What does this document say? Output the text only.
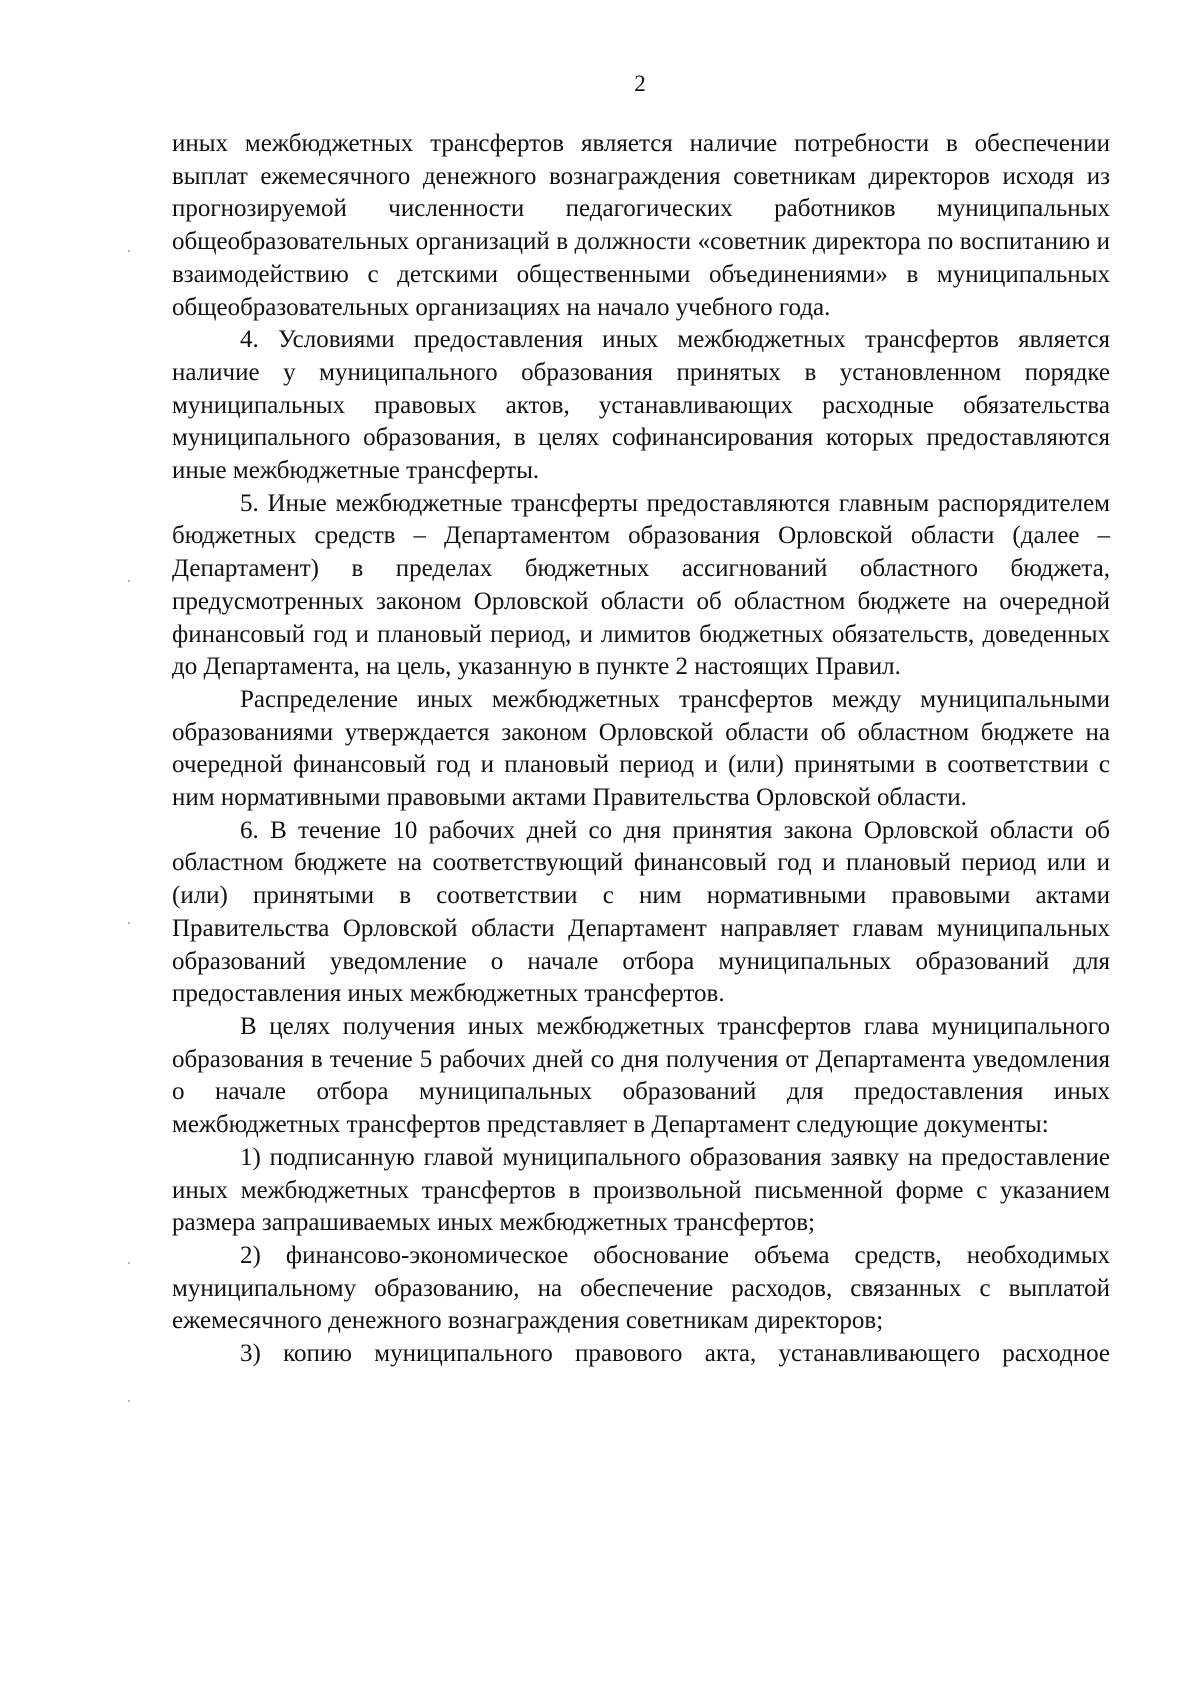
2

иных межбюджетных трансфертов является наличие потребности в обеспечении выплат ежемесячного денежного вознаграждения советникам директоров исходя из прогнозируемой численности педагогических работников муниципальных общеобразовательных организаций в должности «советник директора по воспитанию и взаимодействию с детскими общественными объединениями» в муниципальных общеобразовательных организациях на начало учебного года.

4. Условиями предоставления иных межбюджетных трансфертов является наличие у муниципального образования принятых в установленном порядке муниципальных правовых актов, устанавливающих расходные обязательства муниципального образования, в целях софинансирования которых предоставляются иные межбюджетные трансферты.

5. Иные межбюджетные трансферты предоставляются главным распорядителем бюджетных средств – Департаментом образования Орловской области (далее – Департамент) в пределах бюджетных ассигнований областного бюджета, предусмотренных законом Орловской области об областном бюджете на очередной финансовый год и плановый период, и лимитов бюджетных обязательств, доведенных до Департамента, на цель, указанную в пункте 2 настоящих Правил.

Распределение иных межбюджетных трансфертов между муниципальными образованиями утверждается законом Орловской области об областном бюджете на очередной финансовый год и плановый период и (или) принятыми в соответствии с ним нормативными правовыми актами Правительства Орловской области.

6. В течение 10 рабочих дней со дня принятия закона Орловской области об областном бюджете на соответствующий финансовый год и плановый период или и (или) принятыми в соответствии с ним нормативными правовыми актами Правительства Орловской области Департамент направляет главам муниципальных образований уведомление о начале отбора муниципальных образований для предоставления иных межбюджетных трансфертов.

В целях получения иных межбюджетных трансфертов глава муниципального образования в течение 5 рабочих дней со дня получения от Департамента уведомления о начале отбора муниципальных образований для предоставления иных межбюджетных трансфертов представляет в Департамент следующие документы:

1) подписанную главой муниципального образования заявку на предоставление иных межбюджетных трансфертов в произвольной письменной форме с указанием размера запрашиваемых иных межбюджетных трансфертов;

2) финансово-экономическое обоснование объема средств, необходимых муниципальному образованию, на обеспечение расходов, связанных с выплатой ежемесячного денежного вознаграждения советникам директоров;

3) копию муниципального правового акта, устанавливающего расходное
